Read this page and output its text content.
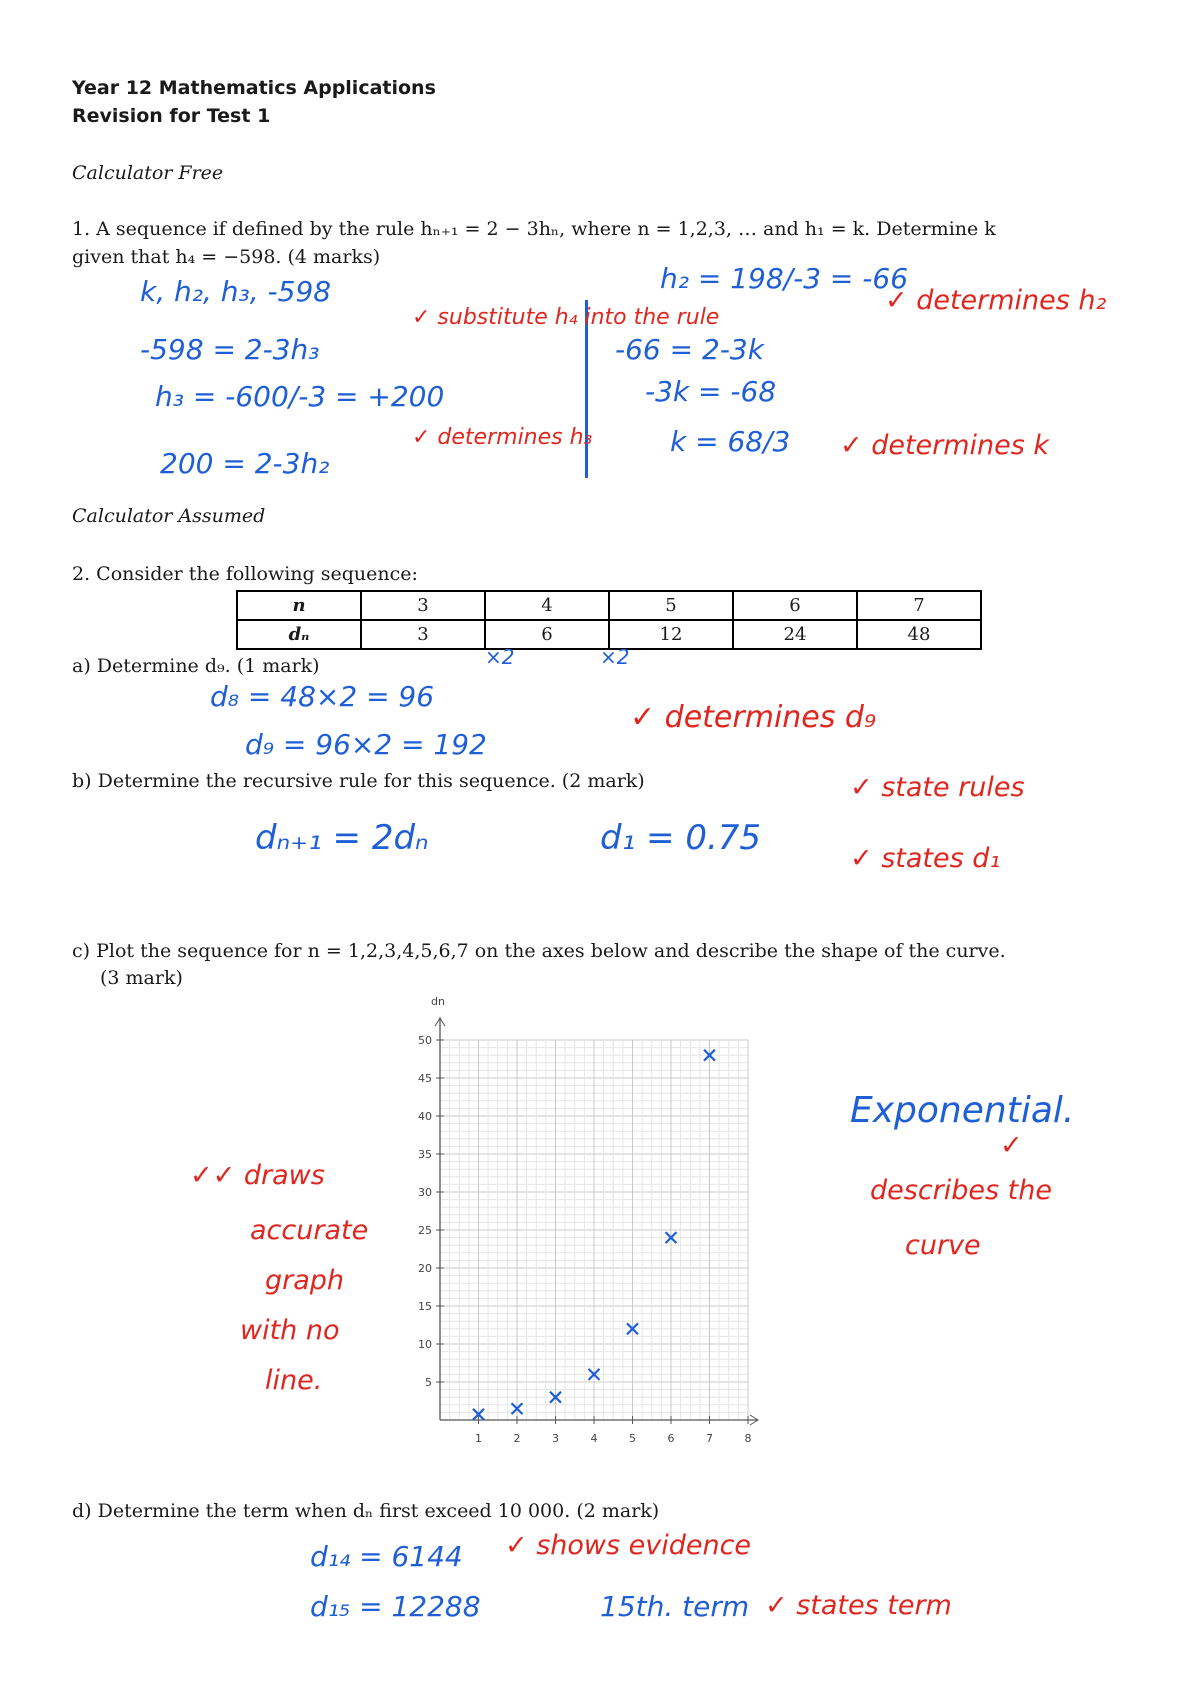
Year 12 Mathematics Applications
Revision for Test 1
Calculator Free
1. A sequence if defined by the rule hₙ₊₁ = 2 − 3hₙ, where n = 1,2,3, … and h₁ = k. Determine k
given that h₄ = −598. (4 marks)
k, h₂, h₃, -598
-598 = 2-3h₃
h₃ = -600/-3 = +200
200 = 2-3h₂
h₂ = 198/-3 = -66
-66 = 2-3k
-3k = -68
k = 68/3
✓ substitute h₄ into the rule
✓ determines h₃
✓ determines h₂
✓ determines k
Calculator Assumed
2. Consider the following sequence:
n	3	4	5	6	7
dₙ	3	6	12	24	48
×2	×2
a) Determine d₉. (1 mark)
d₈ = 48×2 = 96
d₉ = 96×2 = 192
✓ determines d₉
b) Determine the recursive rule for this sequence. (2 mark)
dₙ₊₁ = 2dₙ	d₁ = 0.75
✓ state rules
✓ states d₁
c) Plot the sequence for n = 1,2,3,4,5,6,7 on the axes below and describe the shape of the curve.
(3 mark)
dn
5
10
15
20
25
30
35
40
45
50
1	2	3	4	5	6	7	8
Exponential.
✓
describes the
curve
✓✓ draws
accurate
graph
with no
line.
d) Determine the term when dₙ first exceed 10 000. (2 mark)
d₁₄ = 6144
d₁₅ = 12288	15th. term
✓ shows evidence
✓ states term
